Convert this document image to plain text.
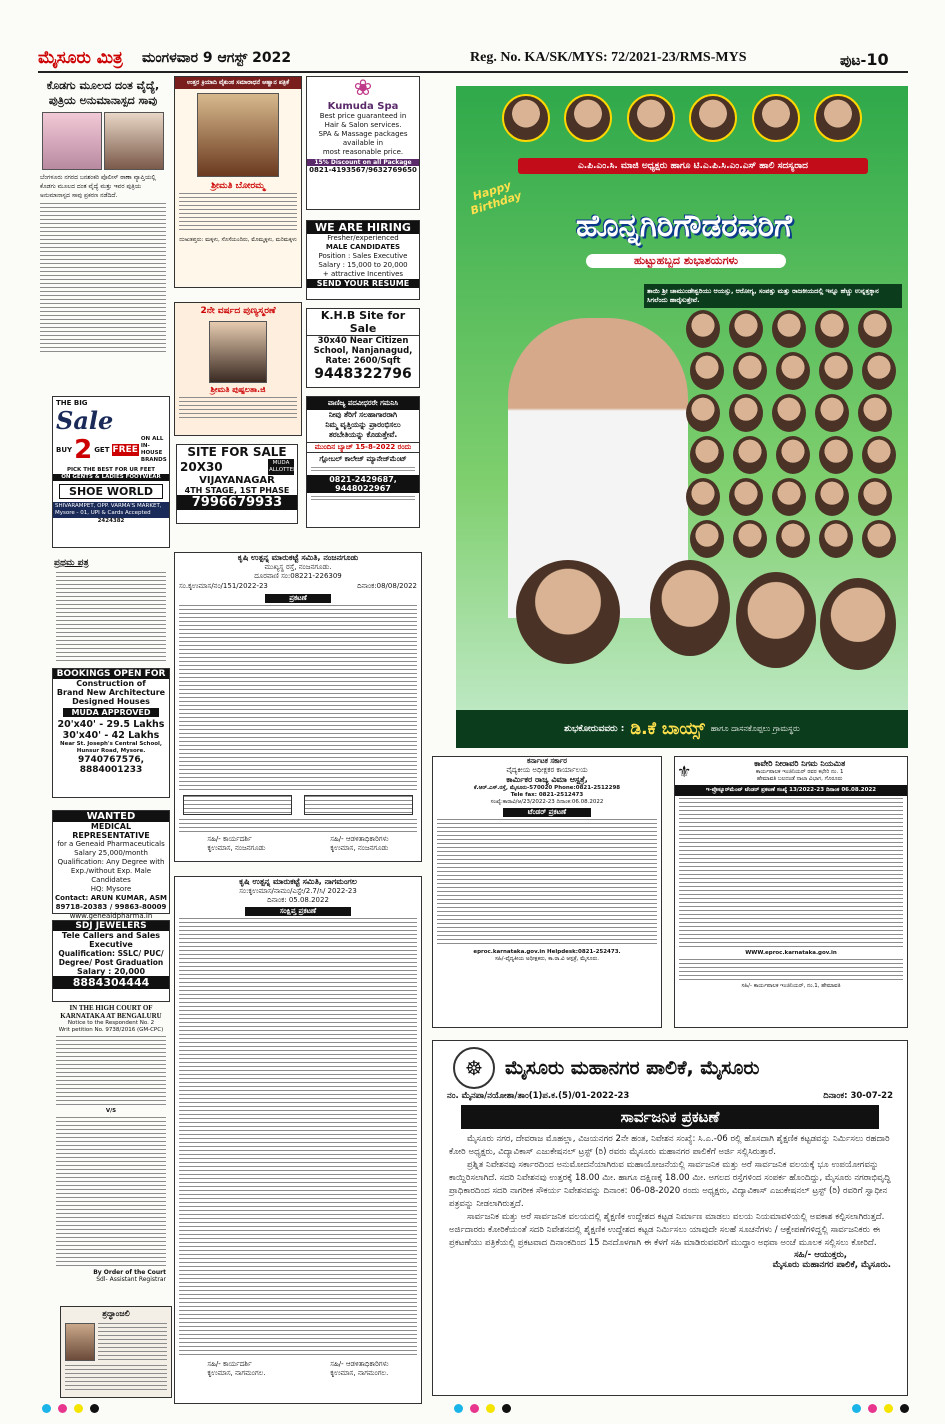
ಮೈಸೂರು ಮಿತ್ರ ಮಂಗಳವಾರ 9 ಆಗಸ್ಟ್ 2022	Reg. No. KA/SK/MYS: 72/2021-23/RMS-MYS	ಪುಟ-10
ಕೊಡಗು ಮೂಲದ ದಂತ ವೈದ್ಯೆ, ಪುತ್ರಿಯ ಅನುಮಾನಾಸ್ಪದ ಸಾವು
ಬೆಂಗಳೂರು ನಗರದ ಬನಶಂಕರಿ ಪೊಲೀಸ್ ಠಾಣಾ ವ್ಯಾಪ್ತಿಯಲ್ಲಿ ಕೊಡಗು ಮೂಲದ ದಂತ ವೈದ್ಯೆ ಮತ್ತು ಇವರ ಪುತ್ರಿಯ ಅನುಮಾನಾಸ್ಪದ ಸಾವು ಪ್ರಕರಣ ನಡೆದಿದೆ.
ಉತ್ತರ ಕ್ರಿಯಾದಿ ವೈಕುಂಠ ಸಮಾರಾಧನೆ ಆಹ್ವಾನ ಪತ್ರಿಕೆ
ಶ್ರೀಮತಿ ಬೋರಮ್ಮ
ದುಃಖತಪ್ತರು: ಮಕ್ಕಳು, ಸೊಸೆಯಂದಿರು, ಮೊಮ್ಮಕ್ಕಳು, ಮರಿಮಕ್ಕಳು
❀
Kumuda Spa
Best price guaranteed in
Hair & Salon services.
SPA & Massage packages
available in
most reasonable price.
15% Discount on all Package
0821-4193567/9632769650
WE ARE HIRING
Fresher/experienced
MALE CANDIDATES
Position : Sales Executive
Salary : 15,000 to 20,000
+ attractive Incentives
SEND YOUR RESUME
2ನೇ ವರ್ಷದ ಪುಣ್ಯಸ್ಮರಣೆ
ಶ್ರೀಮತಿ ಪುಷ್ಪಲತಾ.ಜಿ
K.H.B Site for Sale
30x40 Near Citizen
School, Nanjanagud,
Rate: 2600/Sqft
9448322796
THE BIG
Sale
BUY 2 GET FREE
ON ALL IN-HOUSE BRANDS
PICK THE BEST FOR UR FEET
ON GENTS & LADIES FOOTWEAR
SHOE WORLD
SHIVARAMPET, OPP. VARMA'S MARKET, Mysore - 01, UPI & Cards Accepted
2424382
SITE FOR SALE
20X30	MUDA ALLOTTED
VIJAYANAGAR
4TH STAGE, 1ST PHASE
7996679933
ವಾಣಿಜ್ಯ ಪದವೀಧರರೇ ಗಮನಿಸಿ
ನೀವು ತೆರಿಗೆ ಸಲಹಾಗಾರರಾಗಿ
ನಿಮ್ಮ ವೃತ್ತಿಯನ್ನು ಪ್ರಾರಂಭಿಸಲು
ತರಬೇತಿಯನ್ನು ಕೊಡುತ್ತೇವೆ.
ಮುಂದಿನ ಬ್ಯಾಚ್ 15-8-2022 ರಂದು
ಗ್ಲೋಬಲ್ ಕಾಲೇಜ್ ಮ್ಯಾನೇಜ್‌ಮೆಂಟ್
0821-2429687, 9448022967
ಪ್ರಥಮ ಪತ್ರ
BOOKINGS OPEN FOR
Construction of
Brand New Architecture
Designed Houses
MUDA APPROVED
20'x40' - 29.5 Lakhs
30'x40' - 42 Lakhs
Near St. Joseph's Central School, Hunsur Road, Mysore.
9740767576, 8884001233
WANTED
MEDICAL REPRESENTATIVE
for a Geneaid Pharmaceuticals
Salary 25,000/month
Qualification: Any Degree with
Exp./without Exp. Male Candidates
HQ: Mysore
Contact: ARUN KUMAR, ASM
89718-20383 / 99863-80009
www.geneaidpharma.in
SDJ JEWELERS
Tele Callers and Sales
Executive
Qualification: SSLC/ PUC/
Degree/ Post Graduation
Salary : 20,000
8884304444
IN THE HIGH COURT OF
KARNATAKA AT BENGALURU
Notice to the Respondent No. 2
Writ petition No. 9738/2016 (GM-CPC)
V/S
By Order of the Court
Sdl- Assistant Registrar
ಶ್ರದ್ಧಾಂಜಲಿ
ಕೃಷಿ ಉತ್ಪನ್ನ ಮಾರುಕಟ್ಟೆ ಸಮಿತಿ, ನಂಜನಗೂಡು
ಮುಖ್ಯಸ್ಥ ರಸ್ತೆ, ನಂಜನಗೂಡು.
ದೂರವಾಣಿ ಸಂ:08221-226309
ಸಂ.ಕೃಉಮಾಸ/ನಂ/151/2022-23	ದಿನಾಂಕ:08/08/2022
ಪ್ರಕಟಣೆ
ಸಹಿ/- ಕಾರ್ಯದರ್ಶಿ
ಕೃಉಮಾಸ, ನಂಜನಗೂಡು
ಸಹಿ/- ಆಡಳಿತಾಧಿಕಾರಿಗಳು
ಕೃಉಮಾಸ, ನಂಜನಗೂಡು
ಕೃಷಿ ಉತ್ಪನ್ನ ಮಾರುಕಟ್ಟೆ ಸಮಿತಿ, ನಾಗಮಂಗಲ
ಸಂ:ಕೃಉಮಾಸ/ನಾಮಂ/ಎಸ್ಟೇ/2.7/ಸಿ/ 2022-23
ದಿನಾಂಕ: 05.08.2022
ಸಂಕ್ಷಿಪ್ತ ಪ್ರಕಟಣೆ
ಸಹಿ/- ಕಾರ್ಯದರ್ಶಿ
ಕೃಉಮಾಸ, ನಾಗಮಂಗಲ.
ಸಹಿ/- ಆಡಳಿತಾಧಿಕಾರಿಗಳು
ಕೃಉಮಾಸ, ನಾಗಮಂಗಲ.
ಎ.ಪಿ.ಎಂ.ಸಿ. ಮಾಜಿ ಅಧ್ಯಕ್ಷರು ಹಾಗೂ ಟಿ.ಎ.ಪಿ.ಸಿ.ಎಂ.ಎಸ್ ಹಾಲಿ ಸದಸ್ಯರಾದ
Happy Birthday
ಹೊನ್ನಗಿರಿಗೌಡರವರಿಗೆ
ಹುಟ್ಟುಹಬ್ಬದ ಶುಭಾಶಯಗಳು
ತಾಯಿ ಶ್ರೀ ಚಾಮುಂಡೇಶ್ವರಿಯು ಆಯಸ್ಸು, ಆರೋಗ್ಯ, ಸಂಪತ್ತು ಮತ್ತು ರಾಜಕೀಯದಲ್ಲಿ ಇನ್ನೂ ಹೆಚ್ಚು ಉನ್ನತ್ತಕ್ಕಾನ ಸಿಗಲೆಂದು ಹಾರೈಸುತ್ತೇವೆ.
ಶುಭಕೋರುವವರು : ಡಿ.ಕೆ ಬಾಯ್ಸ್ ಹಾಗೂ ದಾಸನಕೊಪ್ಪಲು ಗ್ರಾಮಸ್ಥರು
ಕರ್ನಾಟಕ ಸರ್ಕಾರ
ವೈದ್ಯಕೀಯ ಅಧೀಕ್ಷಕರ ಕಾರ್ಯಾಲಯ
ಕಾರ್ಮಿಕರ ರಾಜ್ಯ ವಿಮಾ ಆಸ್ಪತ್ರೆ,
ಕೆ.ಆರ್.ಎಸ್.ರಸ್ತೆ, ಮೈಸೂರು-570020 Phone:0821-2512298
Tele fax: 0821-2512473
ಸಂಖ್ಯೆ:ಕಾರಾವಿ/ಆ/23/2022-23 ದಿನಾಂಕ:06.08.2022
ಟೆಂಡರ್ ಪ್ರಕಟಣೆ
eproc.karnataka.gov.in Helpdesk:0821-252473.
ಸಹಿ/-ವೈದ್ಯಕೀಯ ಅಧೀಕ್ಷಕರು, ಕಾ.ರಾ.ವಿ ಆಸ್ಪತ್ರೆ, ಮೈಸೂರು.
⚜	ಕಾವೇರಿ ನೀರಾವರಿ ನಿಗಮ ನಿಯಮಿತ
ಕಾರ್ಯಪಾಲಕ ಇಂಜಿನಿಯರ್ ರವರ ಕಛೇರಿ ನಂ. 1
ಹೇಮಾವತಿ ಬಲದಂಡೆ ನಾಲಾ ವಿಭಾಗ, ಗೊರೂರು
ಇ-ಪ್ರೊಕ್ಯೂರ್‌ಮೆಂಟ್ ಟೆಂಡರ್ ಪ್ರಕಟಣೆ ಸಂಖ್ಯೆ 13/2022-23 ದಿನಾಂಕ 06.08.2022
WWW.eproc.karnataka.gov.in
ಸಹಿ/- ಕಾರ್ಯಪಾಲಕ ಇಂಜಿನಿಯರ್, ನಂ.1, ಹೇಮಾವತಿ
☸	ಮೈಸೂರು ಮಹಾನಗರ ಪಾಲಿಕೆ, ಮೈಸೂರು
ನಂ. ಮೈನಪಾ/ನಯೋಶಾ/ತಾಂ(1)ಪ.ಕ.(5)/01-2022-23	ದಿನಾಂಕ: 30-07-22
ಸಾರ್ವಜನಿಕ ಪ್ರಕಟಣೆ
ಮೈಸೂರು ನಗರ, ದೇವರಾಜ ಮೊಹಲ್ಲಾ, ವಿಜಯನಗರ 2ನೇ ಹಂತ, ನಿವೇಶನ ಸಂಖ್ಯೆ: ಸಿ.ಎ.-06 ರಲ್ಲಿ ಹೊಸದಾಗಿ ಶೈಕ್ಷಣಿಕ ಕಟ್ಟಡವನ್ನು ನಿರ್ಮಿಸಲು ರಹದಾರಿ ಕೋರಿ ಅಧ್ಯಕ್ಷರು, ವಿದ್ಯಾವಿಕಾಸ್ ಎಜುಕೇಷನಲ್ ಟ್ರಸ್ಟ್ (ರಿ) ರವರು ಮೈಸೂರು ಮಹಾನಗರ ಪಾಲಿಕೆಗೆ ಅರ್ಜಿ ಸಲ್ಲಿಸಿರುತ್ತಾರೆ.
ಪ್ರಶ್ನಿತ ನಿವೇಶನವು ಸರ್ಕಾರದಿಂದ ಅನುಮೋದನೆಯಾಗಿರುವ ಮಹಾಯೋಜನೆಯಲ್ಲಿ ಸಾರ್ವಜನಿಕ ಮತ್ತು ಅರೆ ಸಾರ್ವಜನಿಕ ವಲಯಕ್ಕೆ ಭೂ ಉಪಯೋಗವನ್ನು ಕಾಯ್ದಿರಿಸಲಾಗಿದೆ. ಸದರಿ ನಿವೇಶನವು ಉತ್ತರಕ್ಕೆ 18.00 ಮೀ. ಹಾಗೂ ದಕ್ಷಿಣಕ್ಕೆ 18.00 ಮೀ. ಅಗಲದ ರಸ್ತೆಗಳಿಂದ ಸಂಪರ್ಕ ಹೊಂದಿದ್ದು, ಮೈಸೂರು ನಗರಾಭಿವೃದ್ಧಿ ಪ್ರಾಧಿಕಾರದಿಂದ ಸದರಿ ನಾಗರೀಕ ಸೌಕರ್ಯ ನಿವೇಶನವನ್ನು ದಿನಾಂಕ: 06-08-2020 ರಂದು ಅಧ್ಯಕ್ಷರು, ವಿದ್ಯಾವಿಕಾಸ್ ಎಜುಕೇಷನಲ್ ಟ್ರಸ್ಟ್ (ರಿ) ರವರಿಗೆ ಸ್ವಾಧೀನ ಪತ್ರವನ್ನು ನೀಡಲಾಗಿರುತ್ತದೆ.
ಸಾರ್ವಜನಿಕ ಮತ್ತು ಅರೆ ಸಾರ್ವಜನಿಕ ವಲಯದಲ್ಲಿ ಶೈಕ್ಷಣಿಕ ಉದ್ದೇಶದ ಕಟ್ಟಡ ನಿರ್ಮಾಣ ಮಾಡಲು ವಲಯ ನಿಯಮಾವಳಿಯಲ್ಲಿ ಅವಕಾಶ ಕಲ್ಪಿಸಲಾಗಿರುತ್ತದೆ. ಅರ್ಜಿದಾರರು ಕೋರಿಕೆಯಂತೆ ಸದರಿ ನಿವೇಶನದಲ್ಲಿ ಶೈಕ್ಷಣಿಕ ಉದ್ದೇಶದ ಕಟ್ಟಡ ನಿರ್ಮಿಸಲು ಯಾವುದೇ ಸಲಹೆ ಸೂಚನೆಗಳು / ಆಕ್ಷೇಪಣೆಗಳಿದ್ದಲ್ಲಿ ಸಾರ್ವಜನಿಕರು ಈ ಪ್ರಕಟಣೆಯು ಪತ್ರಿಕೆಯಲ್ಲಿ ಪ್ರಕಟವಾದ ದಿನಾಂಕದಿಂದ 15 ದಿನದೊಳಗಾಗಿ ಈ ಕೆಳಗೆ ಸಹಿ ಮಾಡಿರುವವರಿಗೆ ಮುದ್ದಾಂ ಅಥವಾ ಅಂಚೆ ಮೂಲಕ ಸಲ್ಲಿಸಲು ಕೋರಿದೆ.
ಸಹಿ/- ಆಯುಕ್ತರು,
ಮೈಸೂರು ಮಹಾನಗರ ಪಾಲಿಕೆ, ಮೈಸೂರು.
